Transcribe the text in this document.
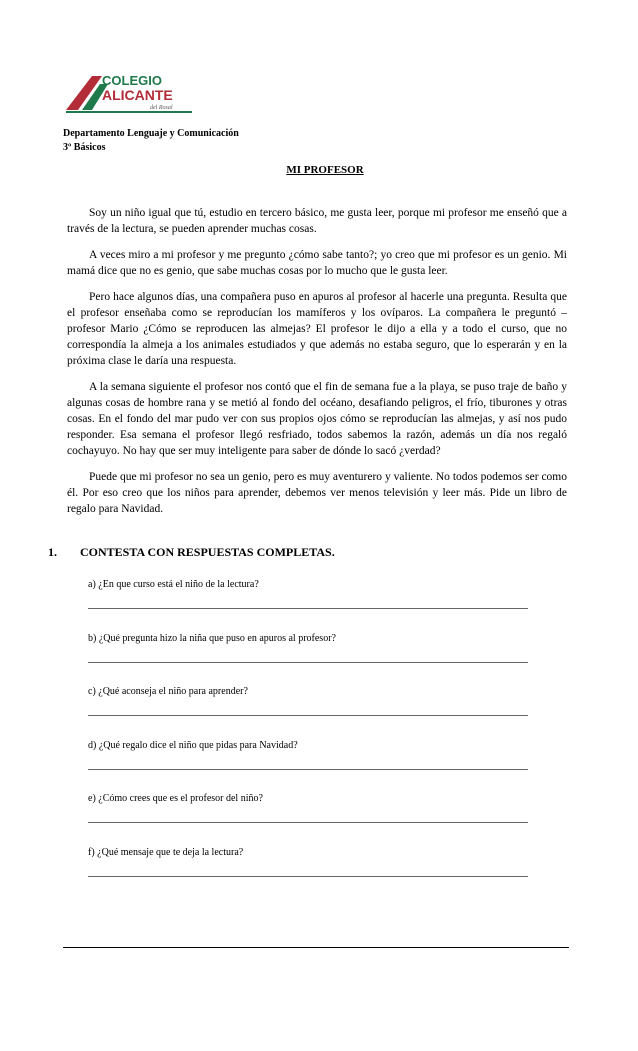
COLEGIO
ALICANTE
del Rosal
Departamento Lenguaje y Comunicación
3º Básicos
MI PROFESOR

Soy un niño igual que tú, estudio en tercero básico, me gusta leer, porque mi profesor me enseñó que a través de la lectura, se pueden aprender muchas cosas.

A veces miro a mi profesor y me pregunto ¿cómo sabe tanto?; yo creo que mi profesor es un genio. Mi mamá dice que no es genio, que sabe muchas cosas por lo mucho que le gusta leer.

Pero hace algunos días, una compañera puso en apuros al profesor al hacerle una pregunta. Resulta que el profesor enseñaba como se reproducían los mamíferos y los ovíparos. La compañera le preguntó – profesor Mario ¿Cómo se reproducen las almejas? El profesor le dijo a ella y a todo el curso, que no correspondía la almeja a los animales estudiados y que además no estaba seguro, que lo esperarán y en la próxima clase le daría una respuesta.

A la semana siguiente el profesor nos contó que el fin de semana fue a la playa, se puso traje de baño y algunas cosas de hombre rana y se metió al fondo del océano, desafiando peligros, el frío, tiburones y otras cosas. En el fondo del mar pudo ver con sus propios ojos cómo se reproducían las almejas, y así nos pudo responder. Esa semana el profesor llegó resfriado, todos sabemos la razón, además un día nos regaló cochayuyo. No hay que ser muy inteligente para saber de dónde lo sacó ¿verdad?

Puede que mi profesor no sea un genio, pero es muy aventurero y valiente. No todos podemos ser como él. Por eso creo que los niños para aprender, debemos ver menos televisión y leer más. Pide un libro de regalo para Navidad.

1. CONTESTA CON RESPUESTAS COMPLETAS.
a) ¿En que curso está el niño de la lectura?
b) ¿Qué pregunta hizo la niña que puso en apuros al profesor?
c) ¿Qué aconseja el niño para aprender?
d) ¿Qué regalo dice el niño que pidas para Navidad?
e) ¿Cómo crees que es el profesor del niño?
f) ¿Qué mensaje que te deja la lectura?
